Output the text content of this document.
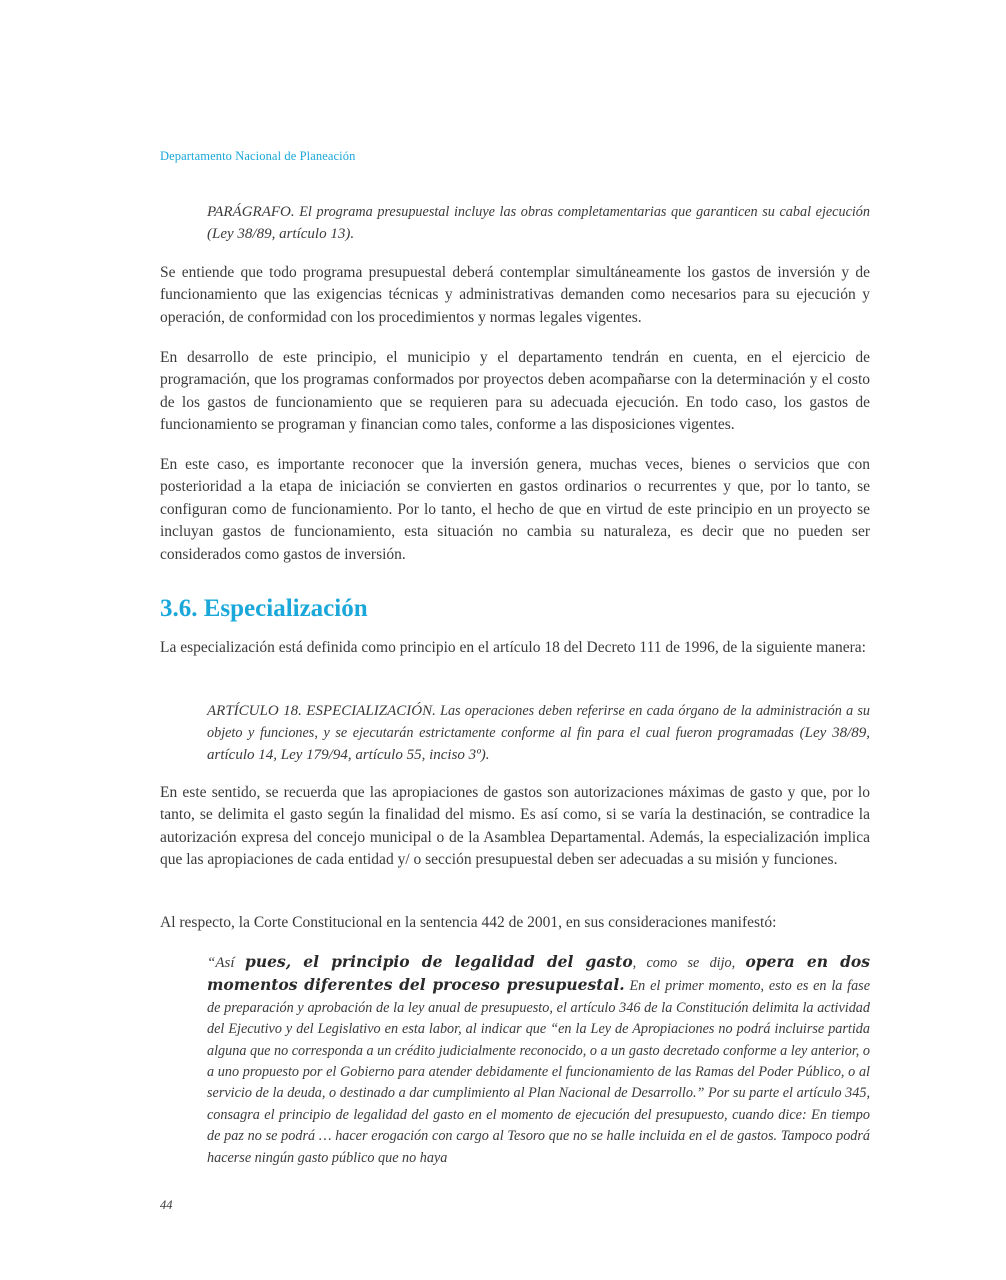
Departamento Nacional de Planeación

PARÁGRAFO. El programa presupuestal incluye las obras completamentarias que garanticen su cabal ejecución (Ley 38/89, artículo 13).

Se entiende que todo programa presupuestal deberá contemplar simultáneamente los gastos de inversión y de funcionamiento que las exigencias técnicas y administrativas demanden como necesarios para su ejecución y operación, de conformidad con los procedimientos y normas legales vigentes.

En desarrollo de este principio, el municipio y el departamento tendrán en cuenta, en el ejercicio de programación, que los programas conformados por proyectos deben acompañarse con la determinación y el costo de los gastos de funcionamiento que se requieren para su adecuada ejecución. En todo caso, los gastos de funcionamiento se programan y financian como tales, conforme a las disposiciones vigentes.

En este caso, es importante reconocer que la inversión genera, muchas veces, bienes o servicios que con posterioridad a la etapa de iniciación se convierten en gastos ordinarios o recurrentes y que, por lo tanto, se configuran como de funcionamiento. Por lo tanto, el hecho de que en virtud de este principio en un proyecto se incluyan gastos de funcionamiento, esta situación no cambia su naturaleza, es decir que no pueden ser considerados como gastos de inversión.

3.6. Especialización

La especialización está definida como principio en el artículo 18 del Decreto 111 de 1996, de la siguiente manera:

ARTÍCULO 18. ESPECIALIZACIÓN. Las operaciones deben referirse en cada órgano de la administración a su objeto y funciones, y se ejecutarán estrictamente conforme al fin para el cual fueron programadas (Ley 38/89, artículo 14, Ley 179/94, artículo 55, inciso 3º).

En este sentido, se recuerda que las apropiaciones de gastos son autorizaciones máximas de gasto y que, por lo tanto, se delimita el gasto según la finalidad del mismo. Es así como, si se varía la destinación, se contradice la autorización expresa del concejo municipal o de la Asamblea Departamental. Además, la especialización implica que las apropiaciones de cada entidad y/ o sección presupuestal deben ser adecuadas a su misión y funciones.

Al respecto, la Corte Constitucional en la sentencia 442 de 2001, en sus consideraciones manifestó:

“Así pues, el principio de legalidad del gasto, como se dijo, opera en dos momentos diferentes del proceso presupuestal. En el primer momento, esto es en la fase de preparación y aprobación de la ley anual de presupuesto, el artículo 346 de la Constitución delimita la actividad del Ejecutivo y del Legislativo en esta labor, al indicar que “en la Ley de Apropiaciones no podrá incluirse partida alguna que no corresponda a un crédito judicialmente reconocido, o a un gasto decretado conforme a ley anterior, o a uno propuesto por el Gobierno para atender debidamente el funcionamiento de las Ramas del Poder Público, o al servicio de la deuda, o destinado a dar cumplimiento al Plan Nacional de Desarrollo.” Por su parte el artículo 345, consagra el principio de legalidad del gasto en el momento de ejecución del presupuesto, cuando dice: En tiempo de paz no se podrá … hacer erogación con cargo al Tesoro que no se halle incluida en el de gastos. Tampoco podrá hacerse ningún gasto público que no haya

44
